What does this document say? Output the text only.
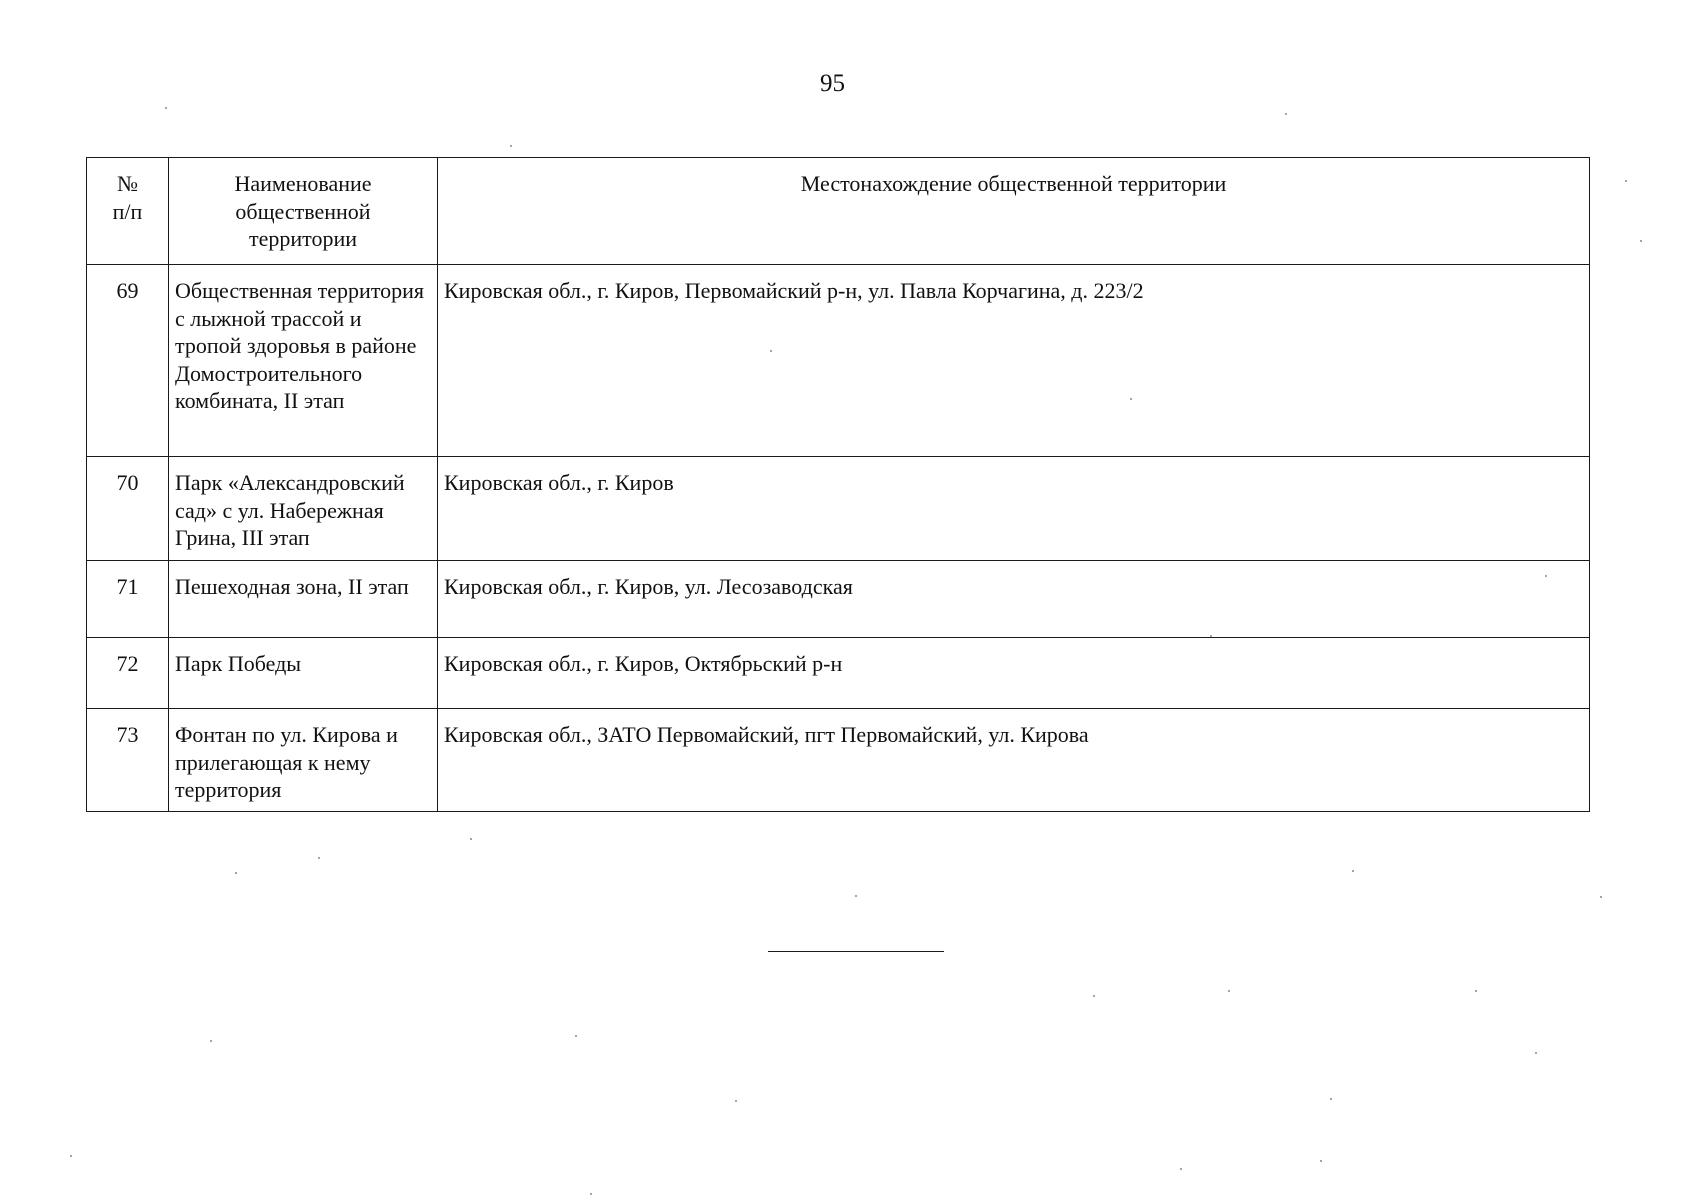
95
№ п/п	Наименование общественной территории	Местонахождение общественной территории

69	Общественная территория с лыжной трассой и тропой здоровья в районе Домостроительного комбината, II этап	Кировская обл., г. Киров, Первомайский р-н, ул. Павла Корчагина, д. 223/2

70	Парк «Александровский сад» с ул. Набережная Грина, III этап	Кировская обл., г. Киров

71	Пешеходная зона, II этап	Кировская обл., г. Киров, ул. Лесозаводская

72	Парк Победы	Кировская обл., г. Киров, Октябрьский р-н

73	Фонтан по ул. Кирова и прилегающая к нему территория	Кировская обл., ЗАТО Первомайский, пгт Первомайский, ул. Кирова
